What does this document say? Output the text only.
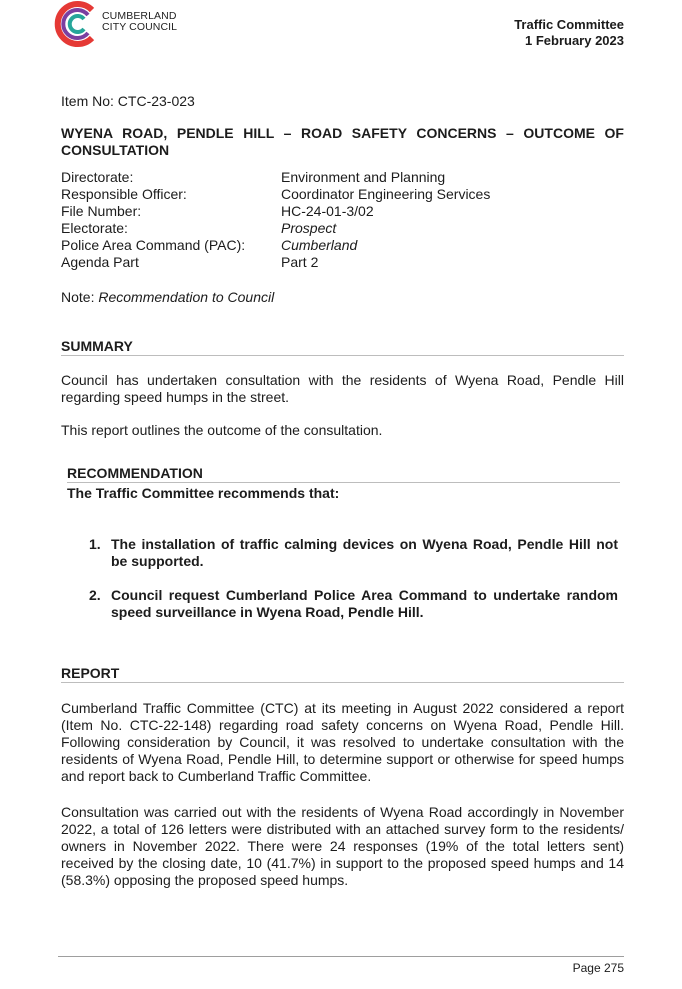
CUMBERLAND
CITY COUNCIL	Traffic Committee
1 February 2023
Item No: CTC-23-023
WYENA ROAD, PENDLE HILL – ROAD SAFETY CONCERNS – OUTCOME OF CONSULTATION
Directorate:	Environment and Planning
Responsible Officer:	Coordinator Engineering Services
File Number:	HC-24-01-3/02
Electorate:	Prospect
Police Area Command (PAC):	Cumberland
Agenda Part	Part 2
Note: Recommendation to Council
SUMMARY
Council has undertaken consultation with the residents of Wyena Road, Pendle Hill regarding speed humps in the street.
This report outlines the outcome of the consultation.
RECOMMENDATION
The Traffic Committee recommends that:
1. The installation of traffic calming devices on Wyena Road, Pendle Hill not be supported.
2. Council request Cumberland Police Area Command to undertake random speed surveillance in Wyena Road, Pendle Hill.
REPORT
Cumberland Traffic Committee (CTC) at its meeting in August 2022 considered a report (Item No. CTC-22-148) regarding road safety concerns on Wyena Road, Pendle Hill. Following consideration by Council, it was resolved to undertake consultation with the residents of Wyena Road, Pendle Hill, to determine support or otherwise for speed humps and report back to Cumberland Traffic Committee.
Consultation was carried out with the residents of Wyena Road accordingly in November 2022, a total of 126 letters were distributed with an attached survey form to the residents/ owners in November 2022. There were 24 responses (19% of the total letters sent) received by the closing date, 10 (41.7%) in support to the proposed speed humps and 14 (58.3%) opposing the proposed speed humps.
Page 275
